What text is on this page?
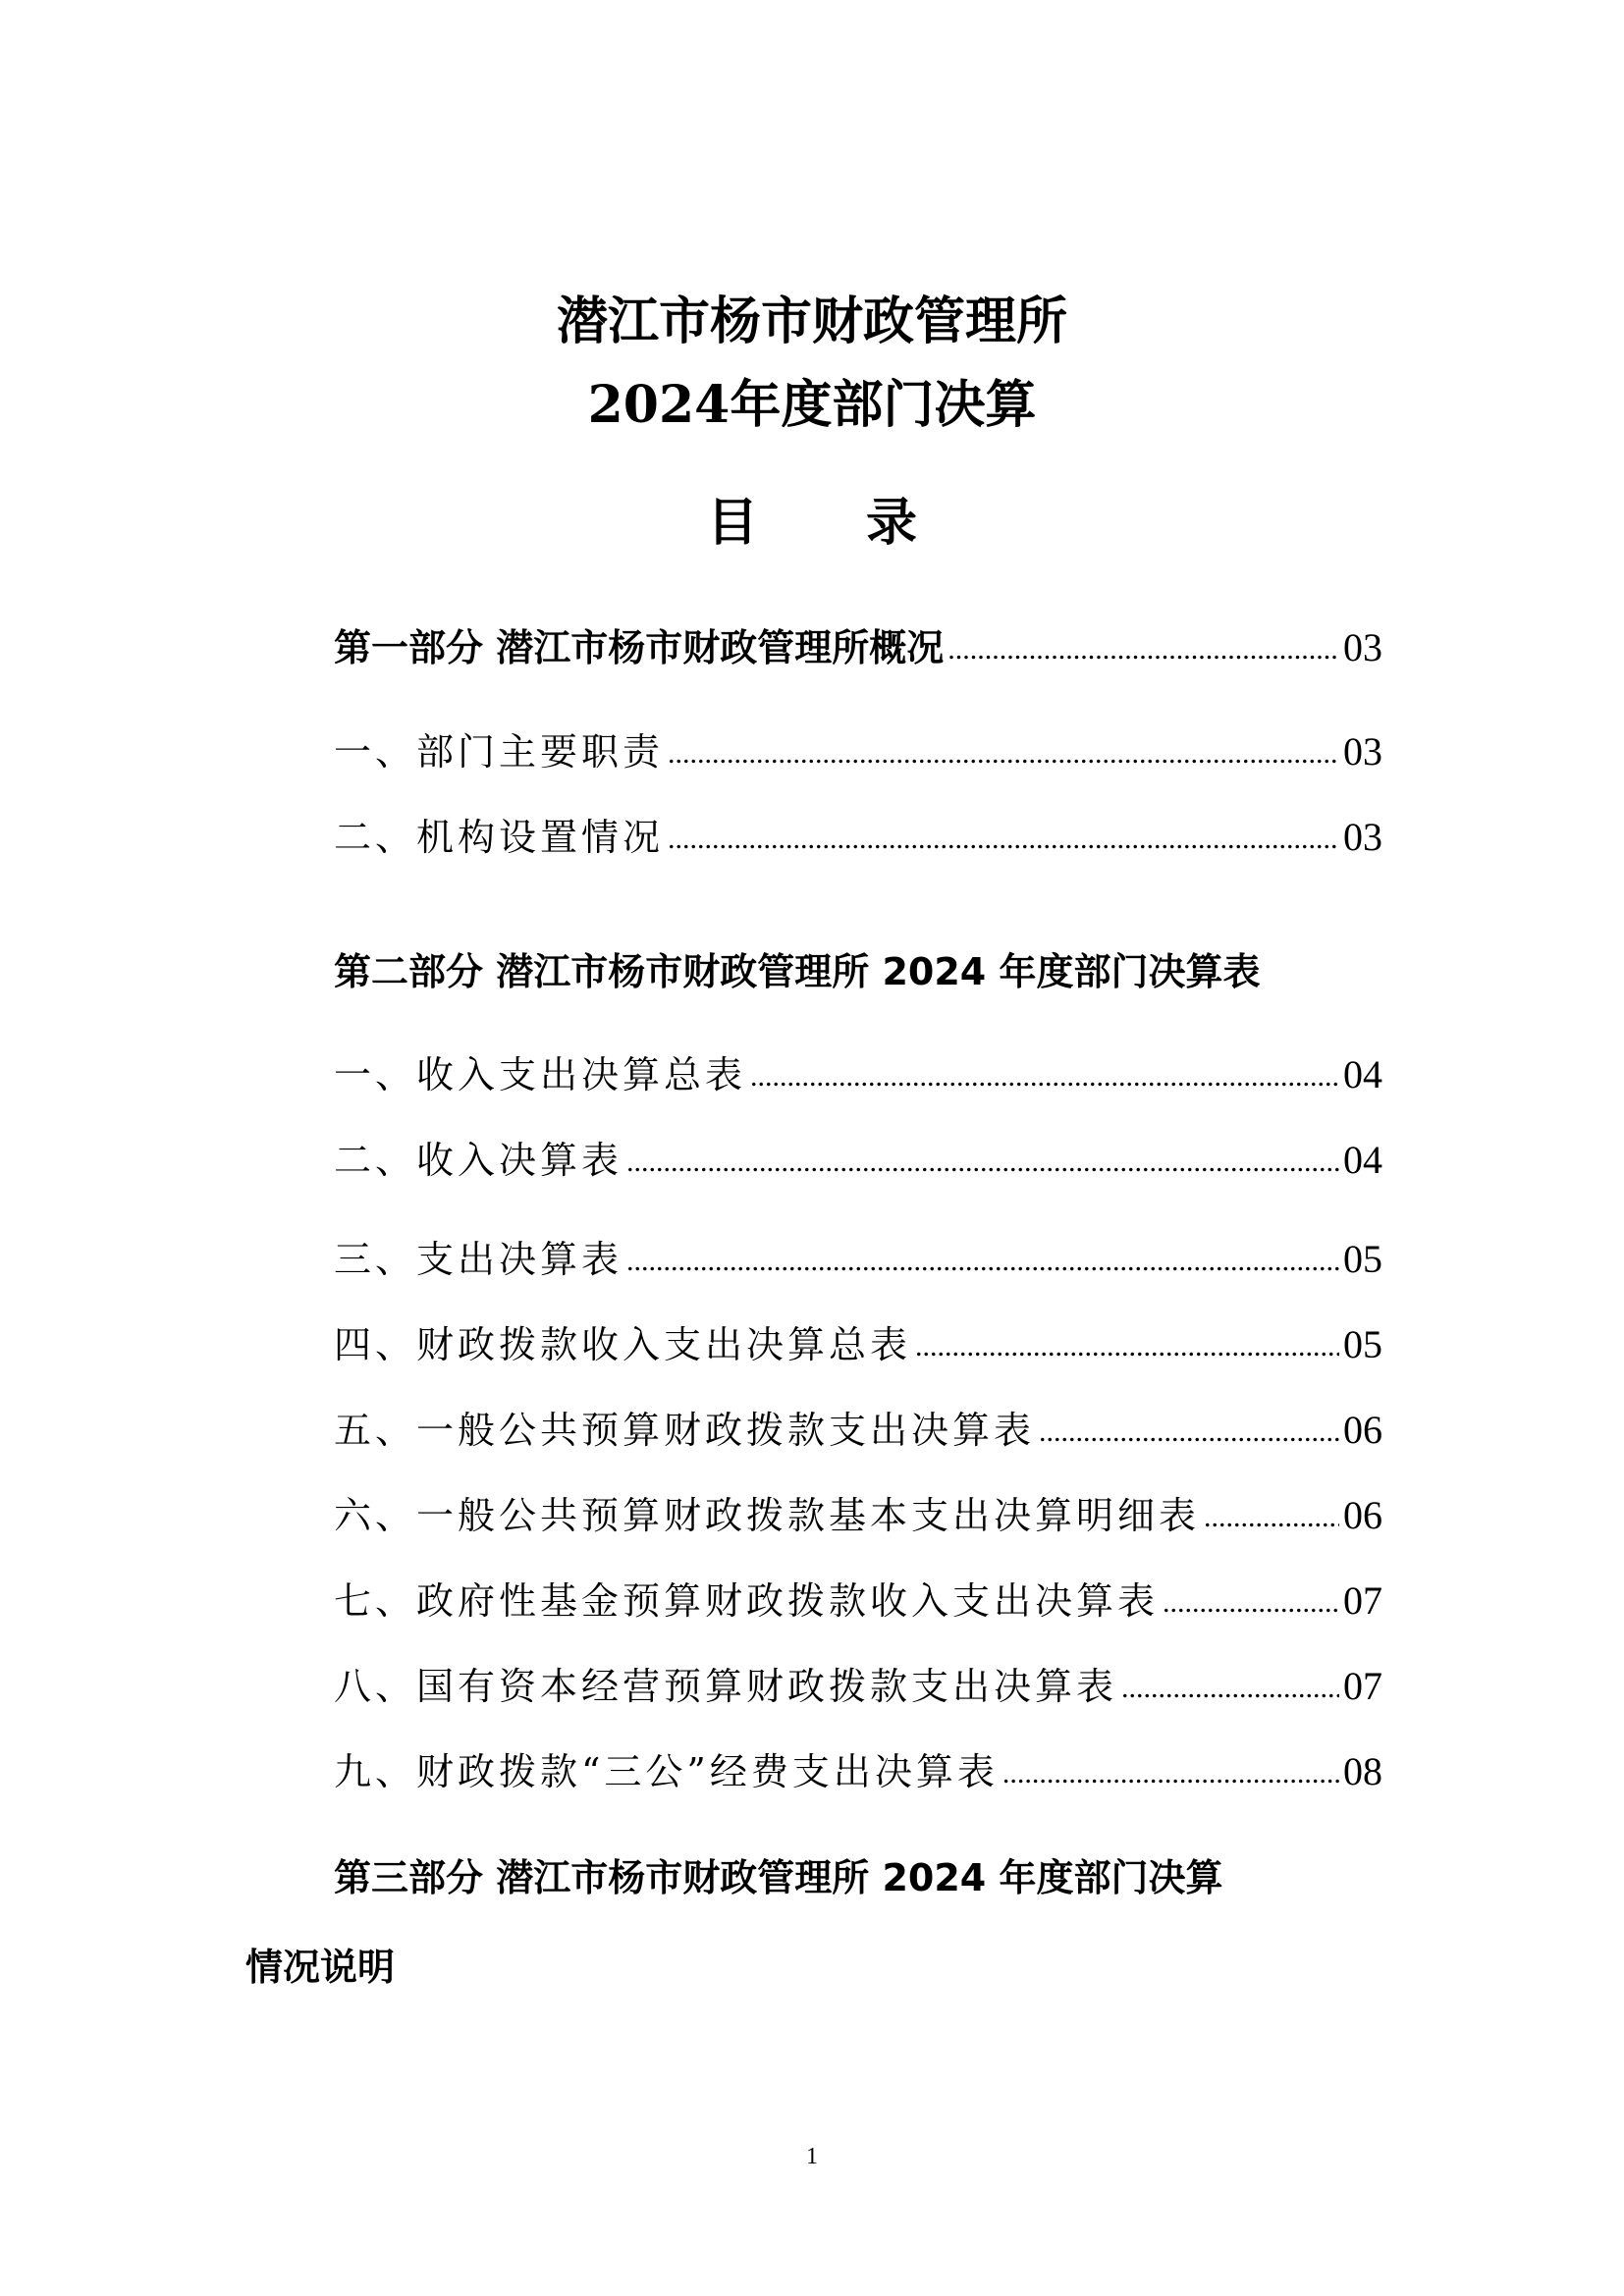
潜江市杨市财政管理所
2024年度部门决算
目录
第一部分 潜江市杨市财政管理所概况 .....	03
一、部门主要职责 .....	03
二、机构设置情况 .....	03
第二部分 潜江市杨市财政管理所 2024 年度部门决算表
一、收入支出决算总表 .....	04
二、收入决算表 .....	04
三、支出决算表 .....	05
四、财政拨款收入支出决算总表 .....	05
五、一般公共预算财政拨款支出决算表 .....	06
六、一般公共预算财政拨款基本支出决算明细表 .....	06
七、政府性基金预算财政拨款收入支出决算表 .....	07
八、国有资本经营预算财政拨款支出决算表 .....	07
九、财政拨款“三公”经费支出决算表 .....	08
第三部分 潜江市杨市财政管理所 2024 年度部门决算
情况说明
1
